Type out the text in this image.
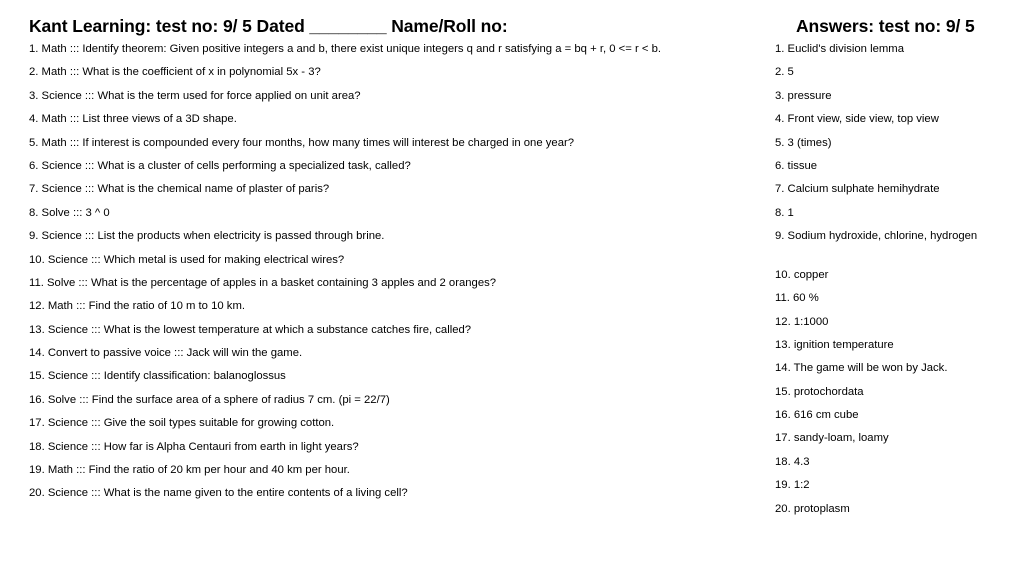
Kant Learning: test no: 9/ 5 Dated ________ Name/Roll no:	Answers: test no: 9/ 5
1. Math ::: Identify theorem: Given positive integers a and b, there exist unique integers q and r satisfying a = bq + r, 0 <= r < b.
2. Math ::: What is the coefficient of x in polynomial 5x - 3?
3. Science ::: What is the term used for force applied on unit area?
4. Math ::: List three views of a 3D shape.
5. Math ::: If interest is compounded every four months, how many times will interest be charged in one year?
6. Science ::: What is a cluster of cells performing a specialized task, called?
7. Science ::: What is the chemical name of plaster of paris?
8. Solve ::: 3 ^ 0
9. Science ::: List the products when electricity is passed through brine.
10. Science ::: Which metal is used for making electrical wires?
11. Solve ::: What is the percentage of apples in a basket containing 3 apples and 2 oranges?
12. Math ::: Find the ratio of 10 m to 10 km.
13. Science ::: What is the lowest temperature at which a substance catches fire, called?
14. Convert to passive voice ::: Jack will win the game.
15. Science ::: Identify classification: balanoglossus
16. Solve ::: Find the surface area of a sphere of radius 7 cm. (pi = 22/7)
17. Science ::: Give the soil types suitable for growing cotton.
18. Science ::: How far is Alpha Centauri from earth in light years?
19. Math ::: Find the ratio of 20 km per hour and 40 km per hour.
20. Science ::: What is the name given to the entire contents of a living cell?
1. Euclid's division lemma
2. 5
3. pressure
4. Front view, side view, top view
5. 3 (times)
6. tissue
7. Calcium sulphate hemihydrate
8. 1
9. Sodium hydroxide, chlorine, hydrogen
10. copper
11. 60 %
12. 1:1000
13. ignition temperature
14. The game will be won by Jack.
15. protochordata
16. 616 cm cube
17. sandy-loam, loamy
18. 4.3
19. 1:2
20. protoplasm
